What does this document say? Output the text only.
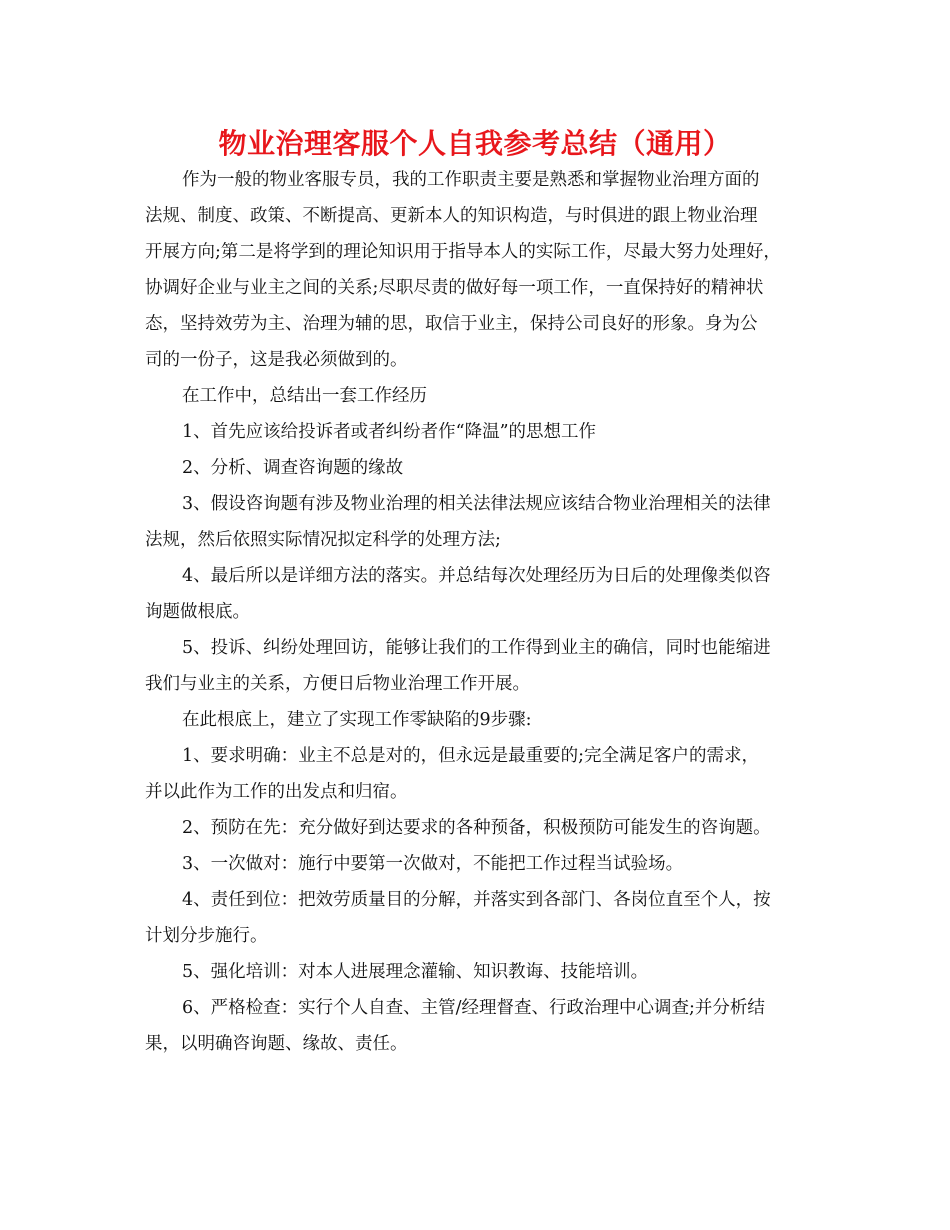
物业治理客服个人自我参考总结（通用）
作为一般的物业客服专员，我的工作职责主要是熟悉和掌握物业治理方面的
法规、制度、政策、不断提高、更新本人的知识构造，与时俱进的跟上物业治理
开展方向;第二是将学到的理论知识用于指导本人的实际工作，尽最大努力处理好，
协调好企业与业主之间的关系;尽职尽责的做好每一项工作，一直保持好的精神状
态，坚持效劳为主、治理为辅的思，取信于业主，保持公司良好的形象。身为公
司的一份子，这是我必须做到的。
在工作中，总结出一套工作经历
1、首先应该给投诉者或者纠纷者作“降温”的思想工作
2、分析、调查咨询题的缘故
3、假设咨询题有涉及物业治理的相关法律法规应该结合物业治理相关的法律
法规，然后依照实际情况拟定科学的处理方法;
4、最后所以是详细方法的落实。并总结每次处理经历为日后的处理像类似咨
询题做根底。
5、投诉、纠纷处理回访，能够让我们的工作得到业主的确信，同时也能缩进
我们与业主的关系，方便日后物业治理工作开展。
在此根底上，建立了实现工作零缺陷的9步骤:
1、要求明确：业主不总是对的，但永远是最重要的;完全满足客户的需求，
并以此作为工作的出发点和归宿。
2、预防在先：充分做好到达要求的各种预备，积极预防可能发生的咨询题。
3、一次做对：施行中要第一次做对，不能把工作过程当试验场。
4、责任到位：把效劳质量目的分解，并落实到各部门、各岗位直至个人，按
计划分步施行。
5、强化培训：对本人进展理念灌输、知识教诲、技能培训。
6、严格检查：实行个人自查、主管/经理督查、行政治理中心调查;并分析结
果，以明确咨询题、缘故、责任。
